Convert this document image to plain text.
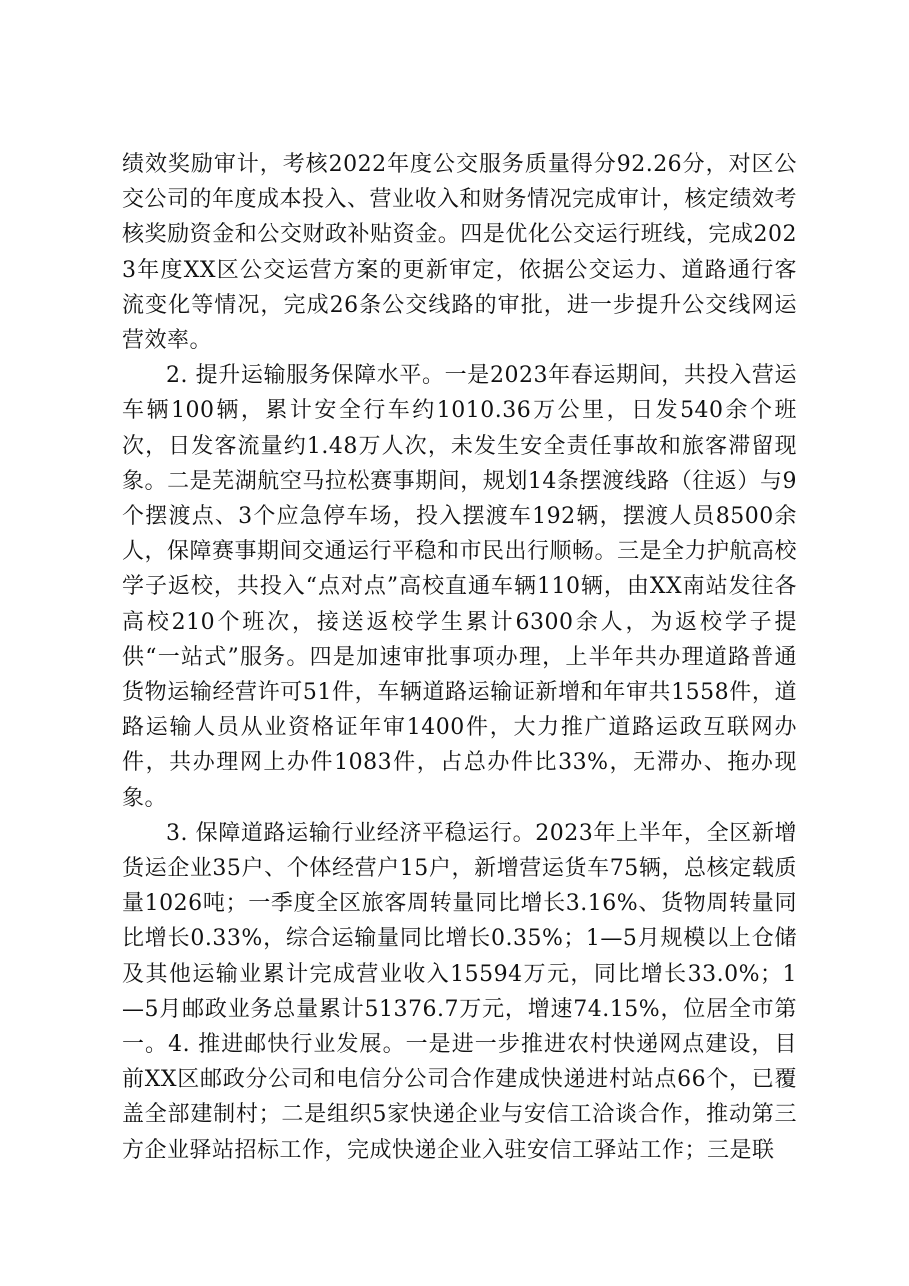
绩效奖励审计，考核2022年度公交服务质量得分92.26分，对区公交公司的年度成本投入、营业收入和财务情况完成审计，核定绩效考核奖励资金和公交财政补贴资金。四是优化公交运行班线，完成2023年度XX区公交运营方案的更新审定，依据公交运力、道路通行客流变化等情况，完成26条公交线路的审批，进一步提升公交线网运营效率。

2. 提升运输服务保障水平。一是2023年春运期间，共投入营运车辆100辆，累计安全行车约1010.36万公里，日发540余个班次，日发客流量约1.48万人次，未发生安全责任事故和旅客滞留现象。二是芜湖航空马拉松赛事期间，规划14条摆渡线路（往返）与9个摆渡点、3个应急停车场，投入摆渡车192辆，摆渡人员8500余人，保障赛事期间交通运行平稳和市民出行顺畅。三是全力护航高校学子返校，共投入“点对点”高校直通车辆110辆，由XX南站发往各高校210个班次，接送返校学生累计6300余人，为返校学子提供“一站式”服务。四是加速审批事项办理，上半年共办理道路普通货物运输经营许可51件，车辆道路运输证新增和年审共1558件，道路运输人员从业资格证年审1400件，大力推广道路运政互联网办件，共办理网上办件1083件，占总办件比33%，无滞办、拖办现象。

3. 保障道路运输行业经济平稳运行。2023年上半年，全区新增货运企业35户、个体经营户15户，新增营运货车75辆，总核定载质量1026吨；一季度全区旅客周转量同比增长3.16%、货物周转量同比增长0.33%，综合运输量同比增长0.35%；1—5月规模以上仓储及其他运输业累计完成营业收入15594万元，同比增长33.0%；1—5月邮政业务总量累计51376.7万元，增速74.15%，位居全市第一。4. 推进邮快行业发展。一是进一步推进农村快递网点建设，目前XX区邮政分公司和电信分公司合作建成快递进村站点66个，已覆盖全部建制村；二是组织5家快递企业与安信工洽谈合作，推动第三方企业驿站招标工作，完成快递企业入驻安信工驿站工作；三是联
